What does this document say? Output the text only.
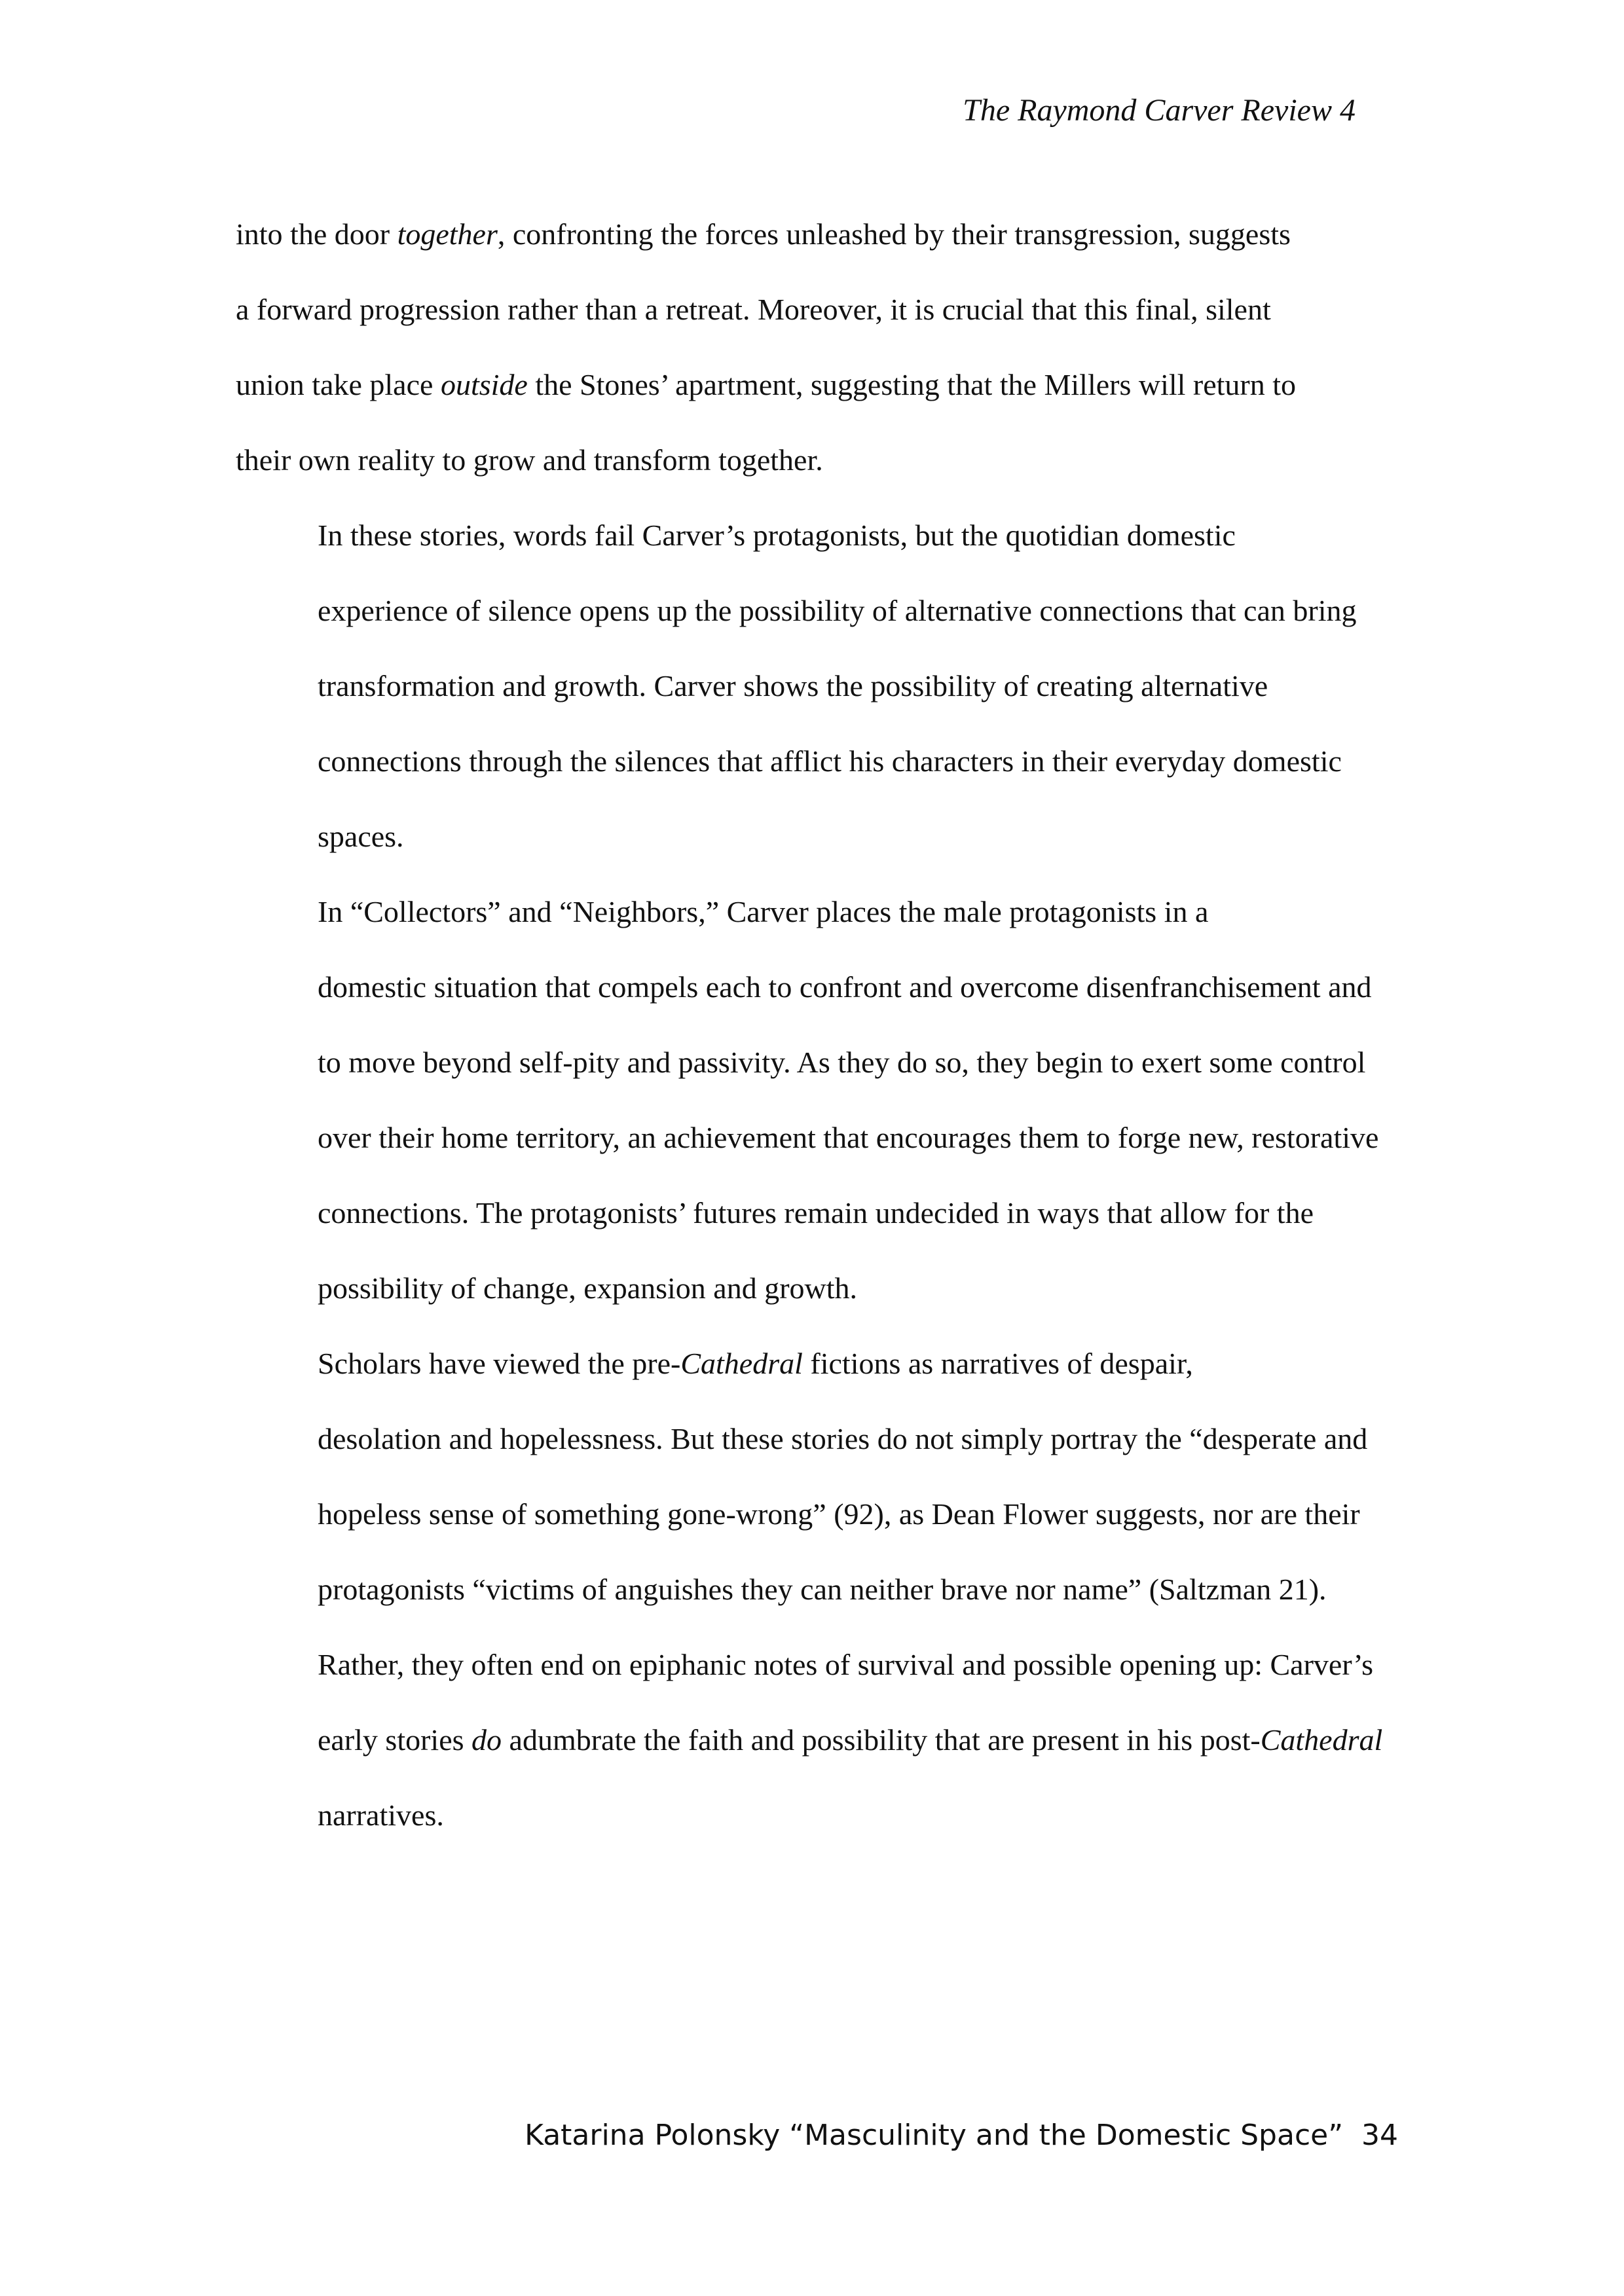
The Raymond Carver Review 4

into the door together, confronting the forces unleashed by their transgression, suggests
a forward progression rather than a retreat. Moreover, it is crucial that this final, silent
union take place outside the Stones’ apartment, suggesting that the Millers will return to
their own reality to grow and transform together.

In these stories, words fail Carver’s protagonists, but the quotidian domestic
experience of silence opens up the possibility of alternative connections that can bring
transformation and growth. Carver shows the possibility of creating alternative
connections through the silences that afflict his characters in their everyday domestic
spaces.

In “Collectors” and “Neighbors,” Carver places the male protagonists in a
domestic situation that compels each to confront and overcome disenfranchisement and
to move beyond self-pity and passivity. As they do so, they begin to exert some control
over their home territory, an achievement that encourages them to forge new, restorative
connections. The protagonists’ futures remain undecided in ways that allow for the
possibility of change, expansion and growth.

Scholars have viewed the pre-Cathedral fictions as narratives of despair,
desolation and hopelessness. But these stories do not simply portray the “desperate and
hopeless sense of something gone-wrong” (92), as Dean Flower suggests, nor are their
protagonists “victims of anguishes they can neither brave nor name” (Saltzman 21).
Rather, they often end on epiphanic notes of survival and possible opening up: Carver’s
early stories do adumbrate the faith and possibility that are present in his post-Cathedral
narratives.

Katarina Polonsky “Masculinity and the Domestic Space” 34
